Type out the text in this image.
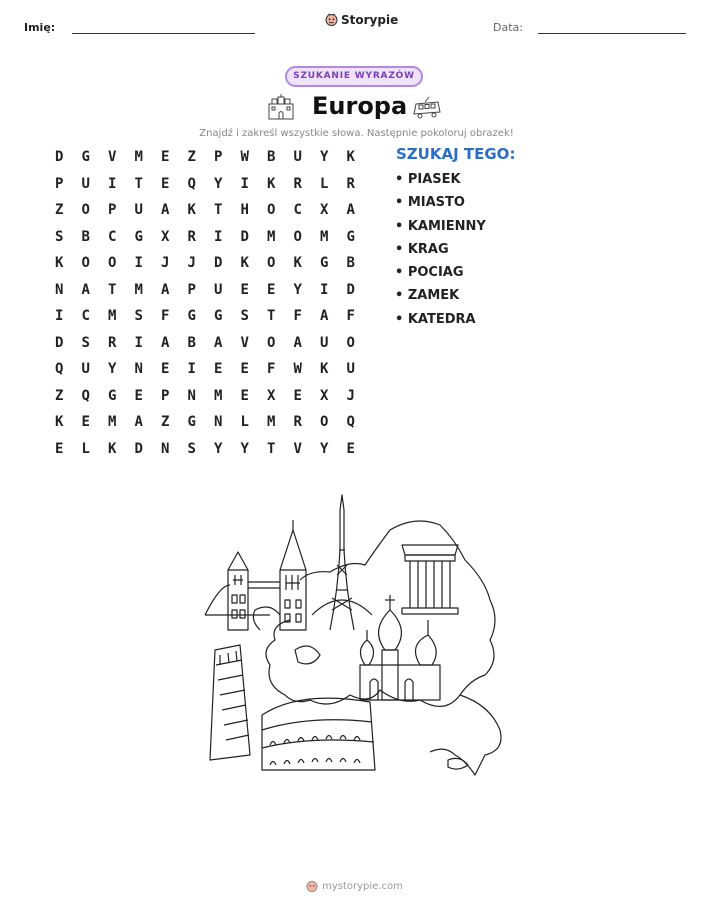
Imię:
Storypie
Data:
SZUKANIE WYRAZÓW
Europa
Znajdź i zakreśl wszystkie słowa. Następnie pokoloruj obrazek!
D	G	V	M	E	Z	P	W	B	U	Y	K
P	U	I	T	E	Q	Y	I	K	R	L	R
Z	O	P	U	A	K	T	H	O	C	X	A
S	B	C	G	X	R	I	D	M	O	M	G
K	O	O	I	J	J	D	K	O	K	G	B
N	A	T	M	A	P	U	E	E	Y	I	D
I	C	M	S	F	G	G	S	T	F	A	F
D	S	R	I	A	B	A	V	O	A	U	O
Q	U	Y	N	E	I	E	E	F	W	K	U
Z	Q	G	E	P	N	M	E	X	E	X	J
K	E	M	A	Z	G	N	L	M	R	O	Q
E	L	K	D	N	S	Y	Y	T	V	Y	E
SZUKAJ TEGO:
• PIASEK
• MIASTO
• KAMIENNY
• KRAG
• POCIAG
• ZAMEK
• KATEDRA
mystorypie.com
